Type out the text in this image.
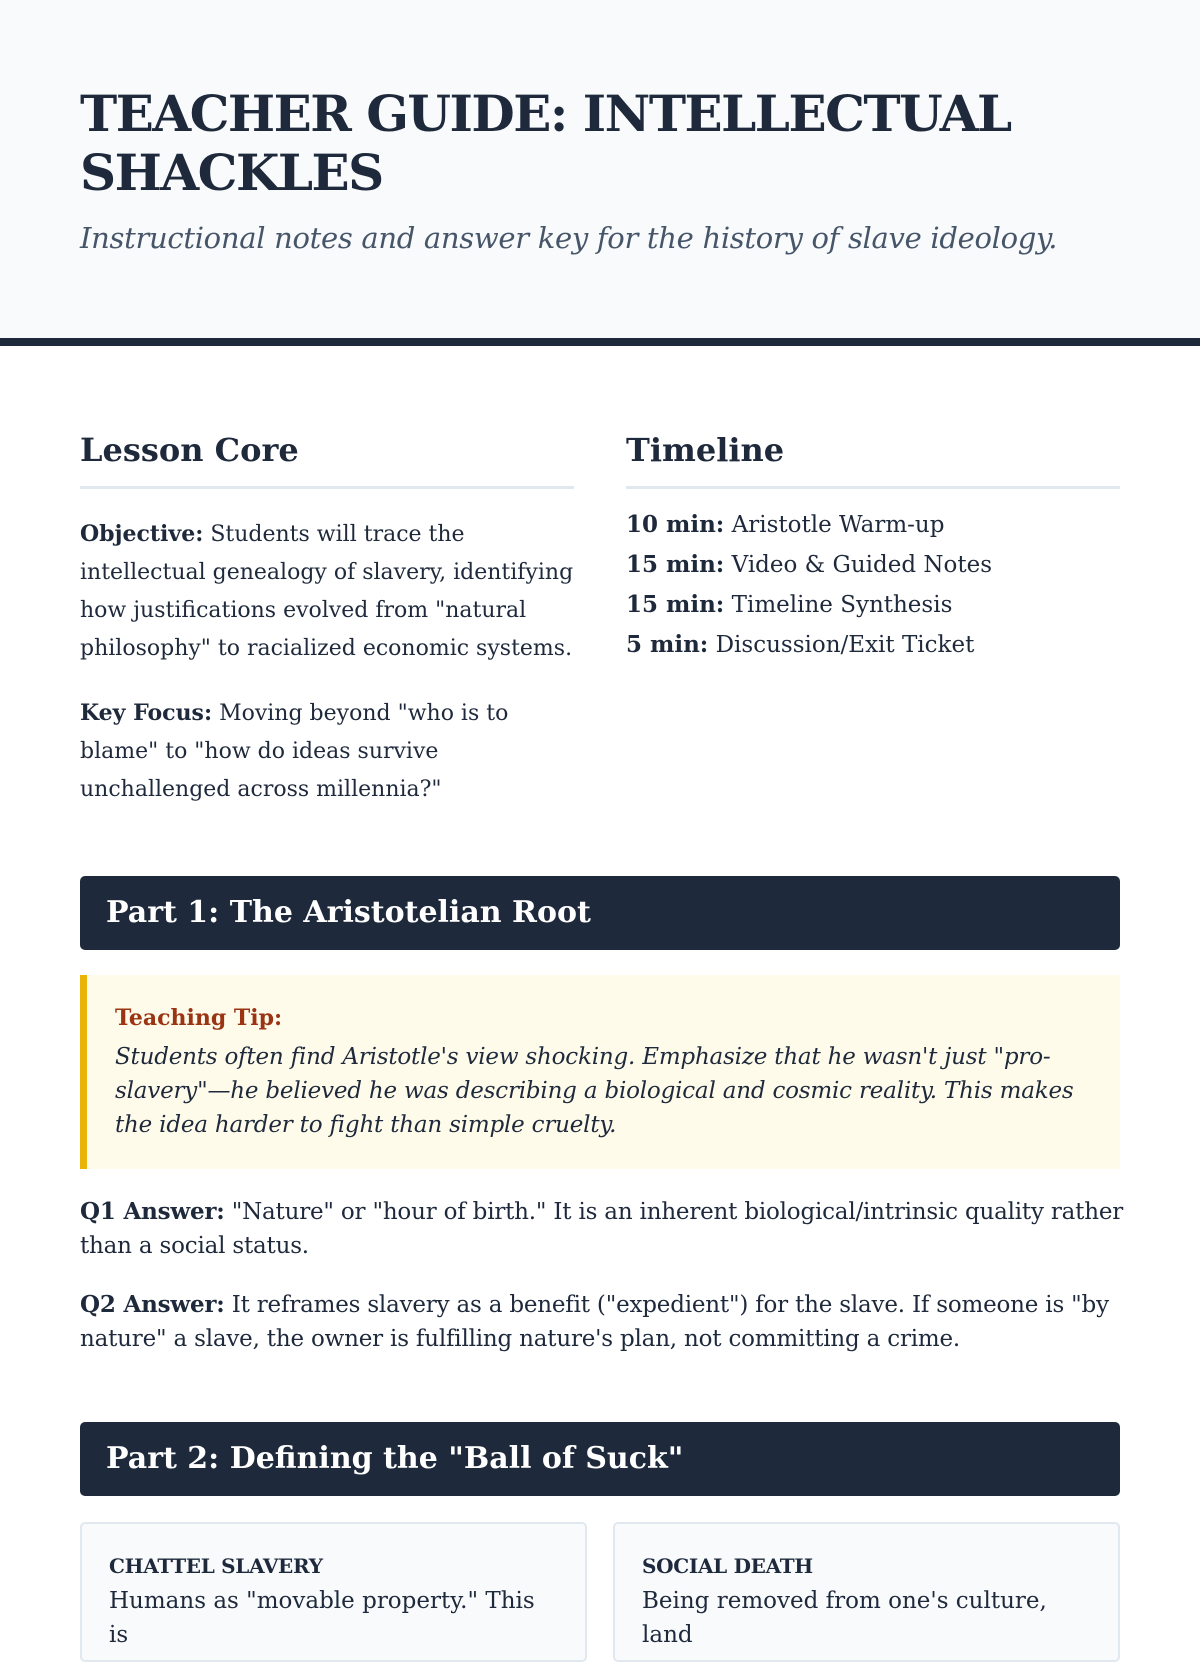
TEACHER GUIDE: INTELLECTUAL SHACKLES

Instructional notes and answer key for the history of slave ideology.

Lesson Core

Objective: Students will trace the intellectual genealogy of slavery, identifying how justifications evolved from "natural philosophy" to racialized economic systems.

Key Focus: Moving beyond "who is to blame" to "how do ideas survive unchallenged across millennia?"

Timeline
10 min: Aristotle Warm-up
15 min: Video & Guided Notes
15 min: Timeline Synthesis
5 min: Discussion/Exit Ticket
Part 1: The Aristotelian Root
Teaching Tip:

Students often find Aristotle's view shocking. Emphasize that he wasn't just "pro-slavery"—he believed he was describing a biological and cosmic reality. This makes the idea harder to fight than simple cruelty.

Q1 Answer: "Nature" or "hour of birth." It is an inherent biological/intrinsic quality rather than a social status.

Q2 Answer: It reframes slavery as a benefit ("expedient") for the slave. If someone is "by nature" a slave, the owner is fulfilling nature's plan, not committing a crime.

Part 2: Defining the "Ball of Suck"
CHATTEL SLAVERY

Humans as "movable property." This is

SOCIAL DEATH

Being removed from one's culture, land
